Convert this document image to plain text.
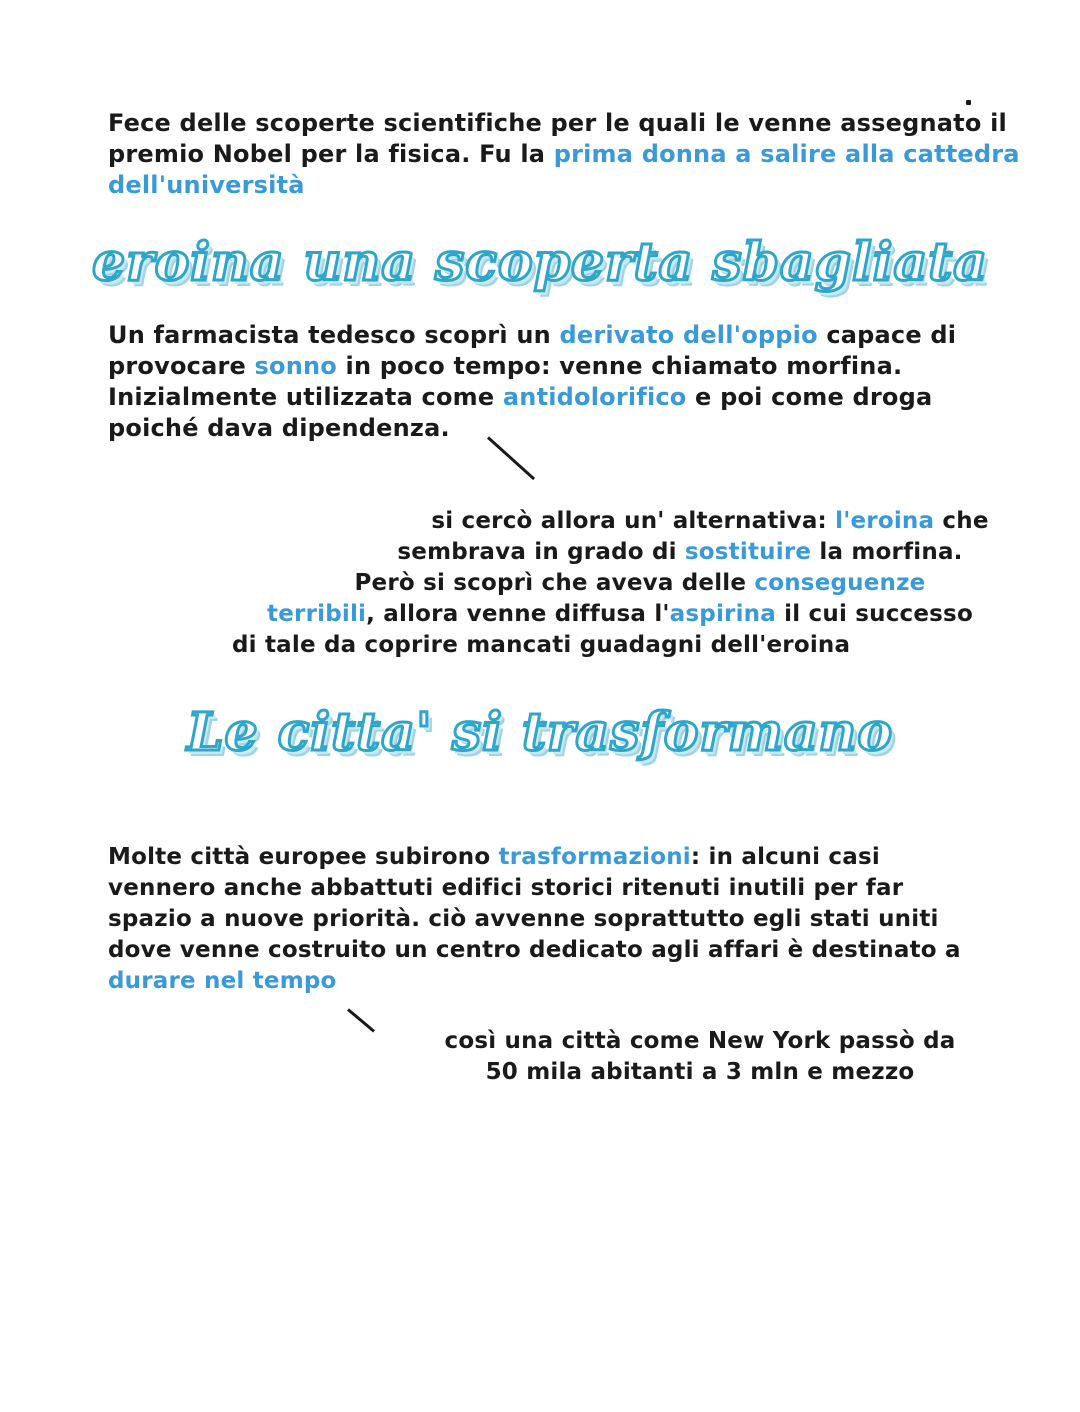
Fece delle scoperte scientifiche per le quali le venne assegnato il

premio Nobel per la fisica. Fu la prima donna a salire alla cattedra

dell'università

eroina una scoperta sbagliata

Un farmacista tedesco scoprì un derivato dell'oppio capace di

provocare sonno in poco tempo: venne chiamato morfina.

Inizialmente utilizzata come antidolorifico e poi come droga

poiché dava dipendenza.

si cercò allora un' alternativa: l'eroina che

sembrava in grado di sostituire la morfina.

Però si scoprì che aveva delle conseguenze

terribili, allora venne diffusa l'aspirina il cui successo

di tale da coprire mancati guadagni dell'eroina

Le citta' si trasformano

Molte città europee subirono trasformazioni: in alcuni casi

vennero anche abbattuti edifici storici ritenuti inutili per far

spazio a nuove priorità. ciò avvenne soprattutto egli stati uniti

dove venne costruito un centro dedicato agli affari è destinato a

durare nel tempo

così una città come New York passò da

50 mila abitanti a 3 mln e mezzo
